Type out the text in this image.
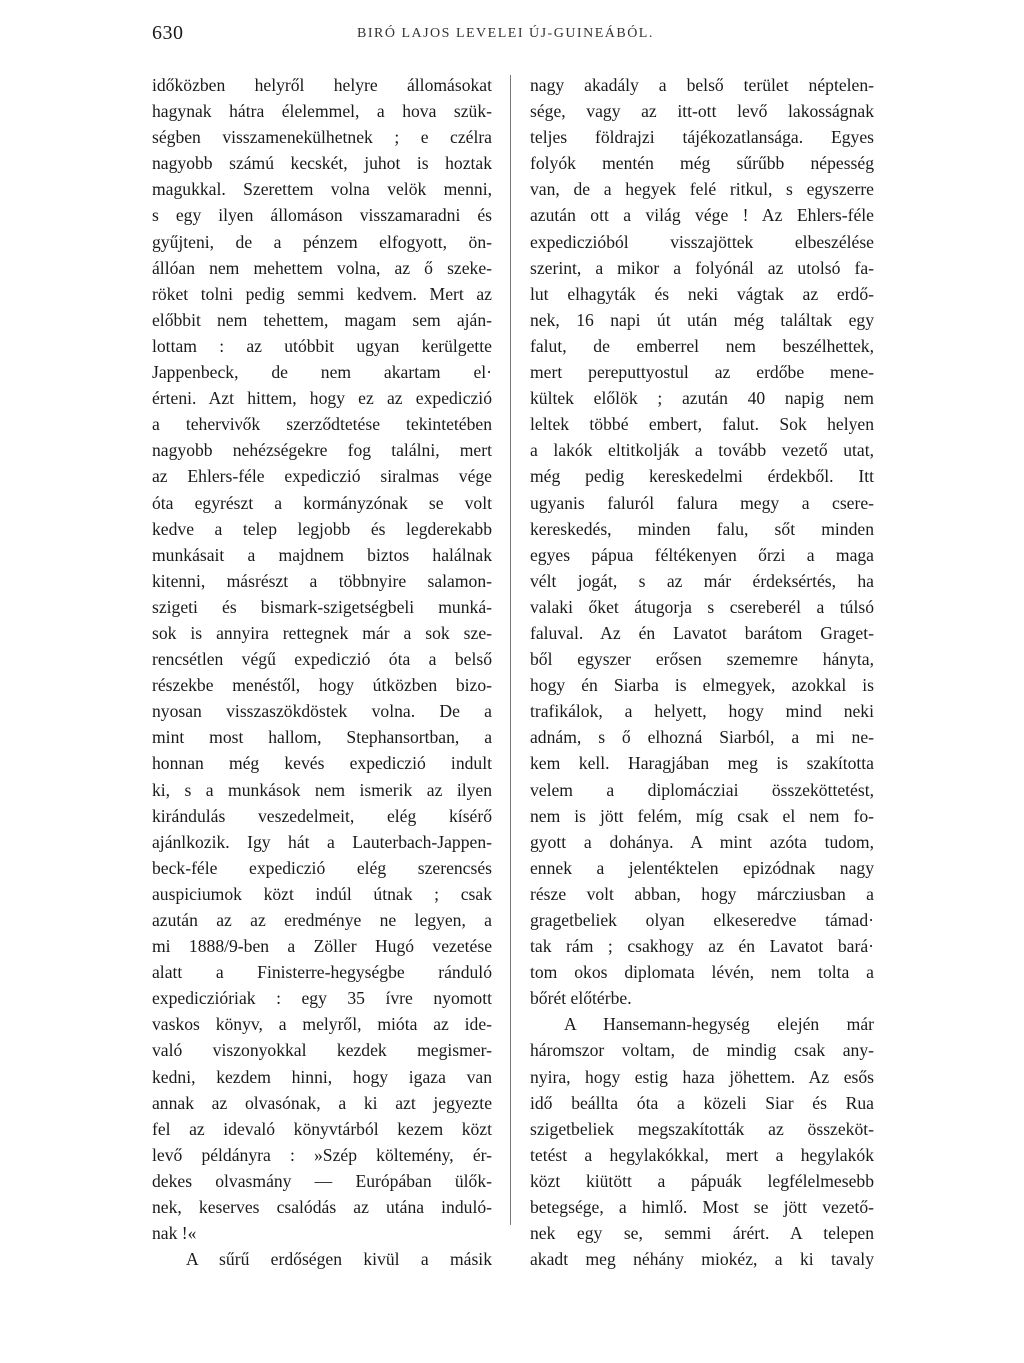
630	BIRÓ LAJOS LEVELEI ÚJ-GUINEÁBÓL.
időközben helyről helyre állomásokat
hagynak hátra élelemmel, a hova szük-
ségben visszamenekülhetnek ; e czélra
nagyobb számú kecskét, juhot is hoztak
magukkal. Szerettem volna velök menni,
s egy ilyen állomáson visszamaradni és
gyűjteni, de a pénzem elfogyott, ön-
állóan nem mehettem volna, az ő szeke-
röket tolni pedig semmi kedvem. Mert az
előbbit nem tehettem, magam sem aján-
lottam : az utóbbit ugyan kerülgette
Jappenbeck, de nem akartam el·
érteni. Azt hittem, hogy ez az expediczió
a teherviνők szerződtetése tekintetében
nagyobb nehézségekre fog találni, mert
az Ehlers-féle expediczió siralmas vége
óta egyrészt a kormányzónak se volt
kedve a telep legjobb és legderekabb
munkásait a majdnem biztos halálnak
kitenni, másrészt a többnyire salamon-
szigeti és bismark-szigetségbeli munká-
sok is annyira rettegnek már a sok sze-
rencsétlen végű expediczió óta a belső
részekbe menéstől, hogy útközben bizo-
nyosan visszaszökdöstek volna. De a
mint most hallom, Stephansortban, a
honnan még kevés expediczió indult
ki, s a munkások nem ismerik az ilyen
kirándulás veszedelmeit, elég kísérő
ajánlkozik. Igy hát a Lauterbach-Jappen-
beck-féle expediczió elég szerencsés
auspiciumok közt indúl útnak ; csak
azután az az eredménye ne legyen, a
mi 1888/9-ben a Zöller Hugó vezetése
alatt a Finisterre-hegységbe ránduló
expediczióriak : egy 35 ívre nyomott
vaskos könyv, a melyről, mióta az ide-
való viszonyokkal kezdek megismer-
kedni, kezdem hinni, hogy igaza van
annak az olvasónak, a ki azt jegyezte
fel az idevaló könyvtárból kezem közt
levő példányra : »Szép költemény, ér-
dekes olvasmány — Európában ülők-
nek, keserves csalódás az utána induló-
nak !«
A sűrű erdőségen kivül a másik
nagy akadály a belső terület néptelen-
sége, vagy az itt-ott levő lakosságnak
teljes földrajzi tájékozatlansága. Egyes
folyók mentén még sűrűbb népesség
van, de a hegyek felé ritkul, s egyszerre
azután ott a világ vége ! Az Ehlers-féle
expediczióból visszajöttek elbeszélése
szerint, a mikor a folyónál az utolsó fa-
lut elhagyták és neki vágtak az erdő-
nek, 16 napi út után még találtak egy
falut, de emberrel nem beszélhettek,
mert pereputtyostul az erdőbe mene-
kültek előlök ; azután 40 napig nem
leltek többé embert, falut. Sok helyen
a lakók eltitkolják a tovább vezető utat,
még pedig kereskedelmi érdekből. Itt
ugyanis faluról falura megy a csere-
kereskedés, minden falu, sőt minden
egyes pápua féltékenyen őrzi a maga
vélt jogát, s az már érdeksértés, ha
valaki őket átugorja s csereberél a túlsó
faluval. Az én Lavatot barátom Graget-
ből egyszer erősen szememre hányta,
hogy én Siarba is elmegyek, azokkal is
trafikálok, a helyett, hogy mind neki
adnám, s ő elhozná Siarból, a mi ne-
kem kell. Haragjában meg is szakította
velem a diplomácziai összeköttetést,
nem is jött felém, míg csak el nem fo-
gyott a dohánya. A mint azóta tudom,
ennek a jelentéktelen epizódnak nagy
része volt abban, hogy márcziusban a
gragetbeliek olyan elkeseredve támad·
tak rám ; csakhogy az én Lavatot bará·
tom okos diplomata lévén, nem tolta a
bőrét előtérbe.
A Hansemann-hegység elején már
háromszor voltam, de mindig csak any-
nyira, hogy estig haza jöhettem. Az esős
idő beállta óta a közeli Siar és Rua
szigetbeliek megszakították az összeköt-
tetést a hegylakókkal, mert a hegylakók
közt kiütött a pápuák legfélelmesebb
betegsége, a himlő. Most se jött vezető-
nek egy se, semmi árért. A telepen
akadt meg néhány miokéz, a ki tavaly
